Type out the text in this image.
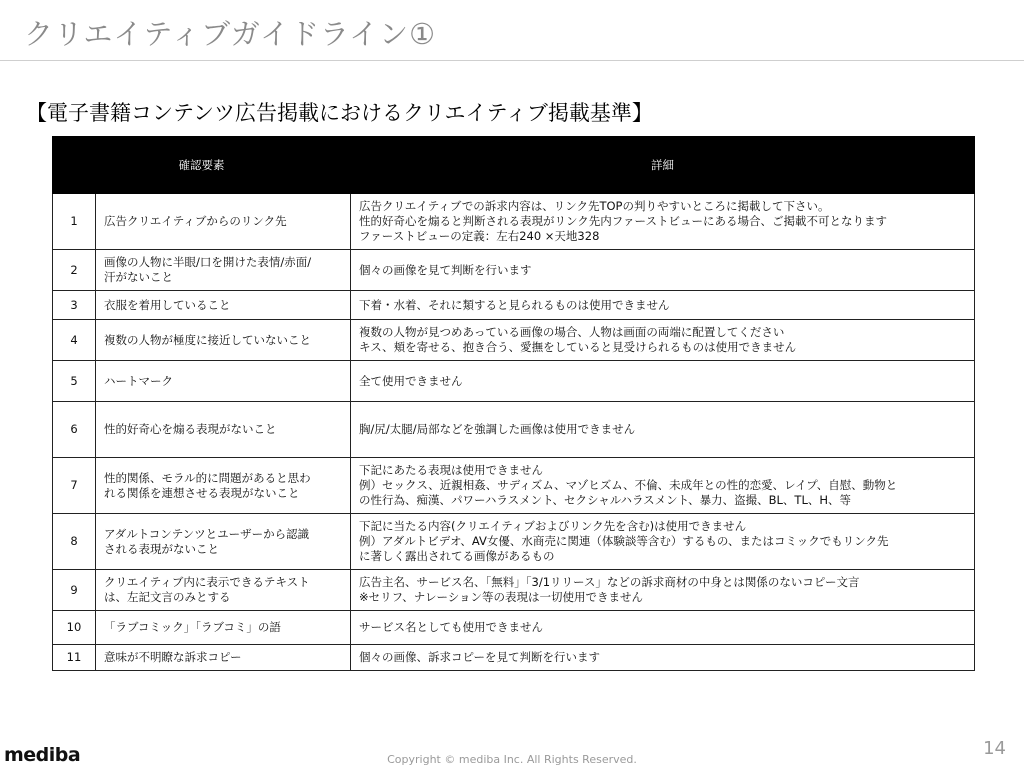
クリエイティブガイドライン①
【電子書籍コンテンツ広告掲載におけるクリエイティブ掲載基準】
確認要素		詳細
1	広告クリエイティブからのリンク先	広告クリエイティブでの訴求内容は、リンク先TOPの判りやすいところに掲載して下さい。
性的好奇心を煽ると判断される表現がリンク先内ファーストビューにある場合、ご掲載不可となります
ファーストビューの定義：左右240 ×天地328

2	画像の人物に半眼/口を開けた表情/赤面/
汗がないこと	個々の画像を見て判断を行います

3	衣服を着用していること	下着・水着、それに類すると見られるものは使用できません

4	複数の人物が極度に接近していないこと	複数の人物が見つめあっている画像の場合、人物は画面の両端に配置してください
キス、頬を寄せる、抱き合う、愛撫をしていると見受けられるものは使用できません

5	ハートマーク	全て使用できません

6	性的好奇心を煽る表現がないこと	胸/尻/太腿/局部などを強調した画像は使用できません

7	性的関係、モラル的に問題があると思わ
れる関係を連想させる表現がないこと	下記にあたる表現は使用できません
例）セックス、近親相姦、サディズム、マゾヒズム、不倫、未成年との性的恋愛、レイプ、自慰、動物と
の性行為、痴漢、パワーハラスメント、セクシャルハラスメント、暴力、盗撮、BL、TL、H、等

8	アダルトコンテンツとユーザーから認識
される表現がないこと	下記に当たる内容(クリエイティブおよびリンク先を含む)は使用できません
例）アダルトビデオ、AV女優、水商売に関連（体験談等含む）するもの、またはコミックでもリンク先
に著しく露出されてる画像があるもの

9	クリエイティブ内に表示できるテキスト
は、左記文言のみとする	広告主名、サービス名、「無料」「3/1リリース」などの訴求商材の中身とは関係のないコピー文言
※セリフ、ナレーション等の表現は一切使用できません

10	「ラブコミック」「ラブコミ」の語	サービス名としても使用できません

11	意味が不明瞭な訴求コピー	個々の画像、訴求コピーを見て判断を行います
mediba	Copyright © mediba Inc. All Rights Reserved.
14
